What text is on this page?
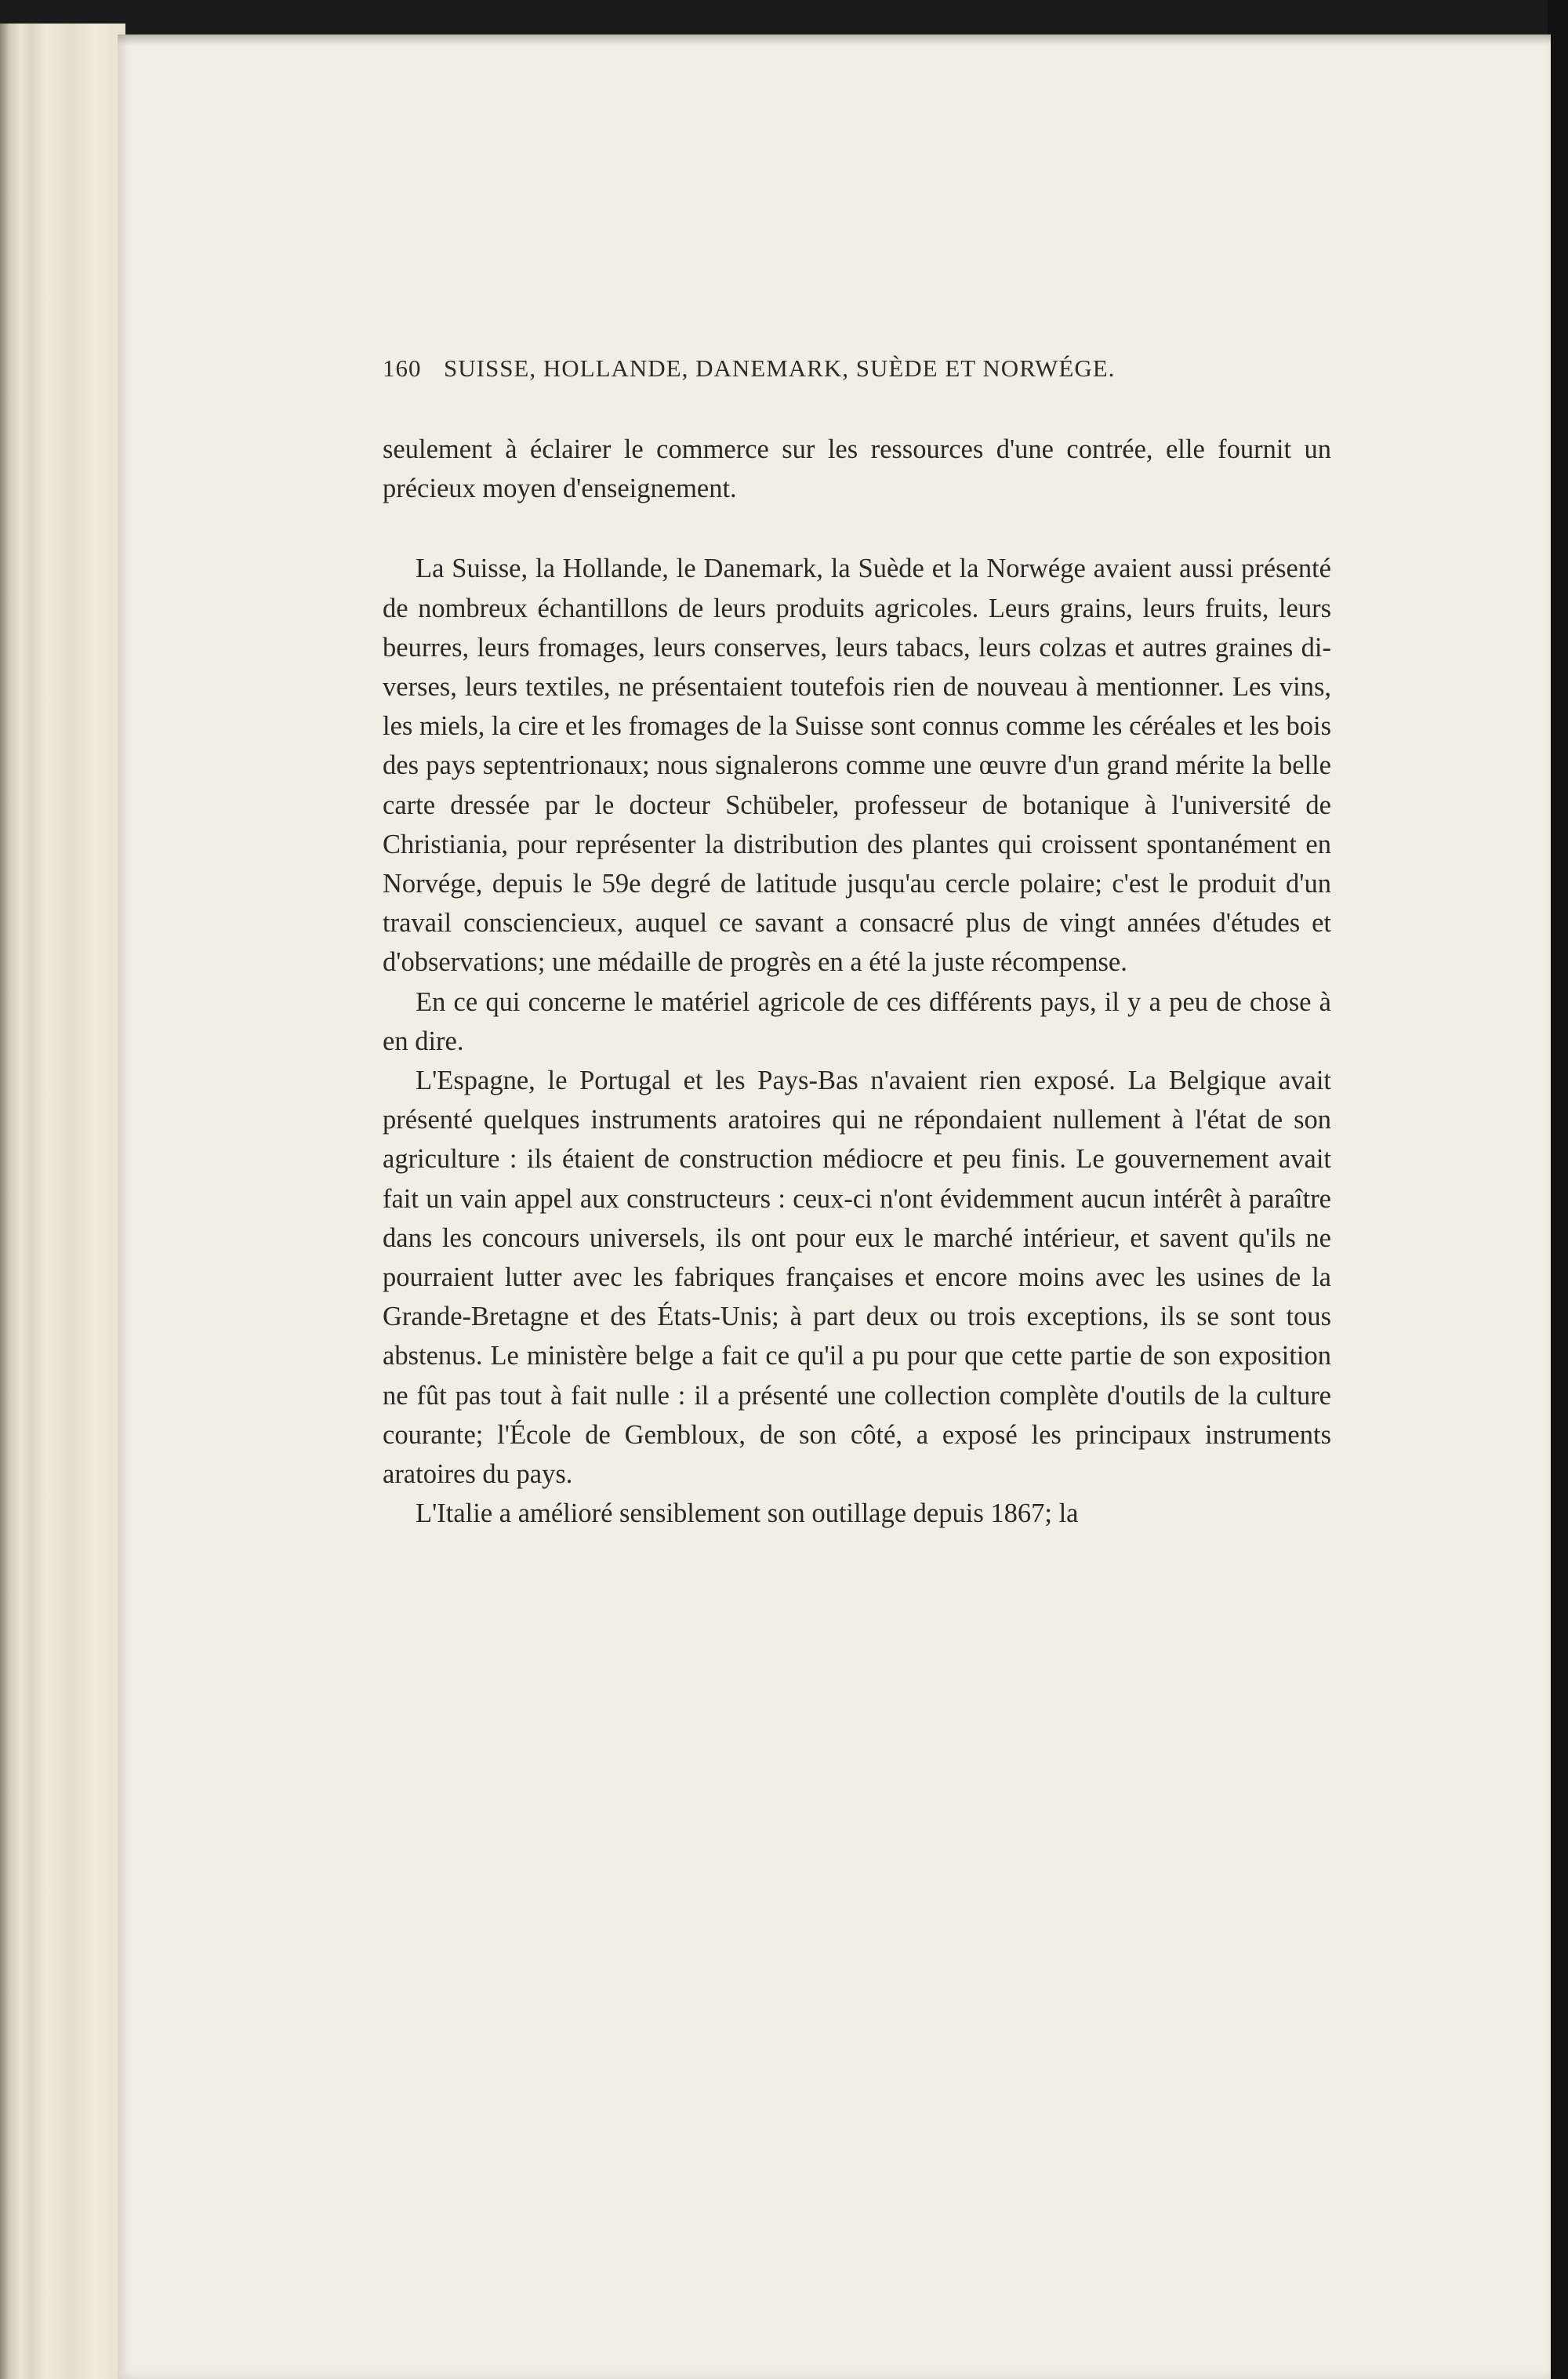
160 SUISSE, HOLLANDE, DANEMARK, SUÈDE ET NORWÉGE.

seulement à éclairer le commerce sur les ressources d'une contrée, elle fournit un précieux moyen d'enseignement.

La Suisse, la Hollande, le Danemark, la Suède et la Norwége avaient aussi présenté de nombreux échantillons de leurs produits agricoles. Leurs grains, leurs fruits, leurs beurres, leurs fromages, leurs conserves, leurs tabacs, leurs colzas et autres graines diverses, leurs textiles, ne présentaient toutefois rien de nouveau à mentionner. Les vins, les miels, la cire et les fromages de la Suisse sont connus comme les céréales et les bois des pays septentrionaux; nous signalerons comme une œuvre d'un grand mérite la belle carte dressée par le docteur Schübeler, professeur de botanique à l'université de Christiania, pour représenter la distribution des plantes qui croissent spontanément en Norvége, depuis le 59e degré de latitude jusqu'au cercle polaire; c'est le produit d'un travail consciencieux, auquel ce savant a consacré plus de vingt années d'études et d'observations; une médaille de progrès en a été la juste récompense.

En ce qui concerne le matériel agricole de ces différents pays, il y a peu de chose à en dire.

L'Espagne, le Portugal et les Pays-Bas n'avaient rien exposé. La Belgique avait présenté quelques instruments aratoires qui ne répondaient nullement à l'état de son agriculture : ils étaient de construction médiocre et peu finis. Le gouvernement avait fait un vain appel aux constructeurs : ceux-ci n'ont évidemment aucun intérêt à paraître dans les concours universels, ils ont pour eux le marché intérieur, et savent qu'ils ne pourraient lutter avec les fabriques françaises et encore moins avec les usines de la Grande-Bretagne et des États-Unis; à part deux ou trois exceptions, ils se sont tous abstenus. Le ministère belge a fait ce qu'il a pu pour que cette partie de son exposition ne fût pas tout à fait nulle : il a présenté une collection complète d'outils de la culture courante; l'École de Gembloux, de son côté, a exposé les principaux instruments aratoires du pays.

L'Italie a amélioré sensiblement son outillage depuis 1867; la
